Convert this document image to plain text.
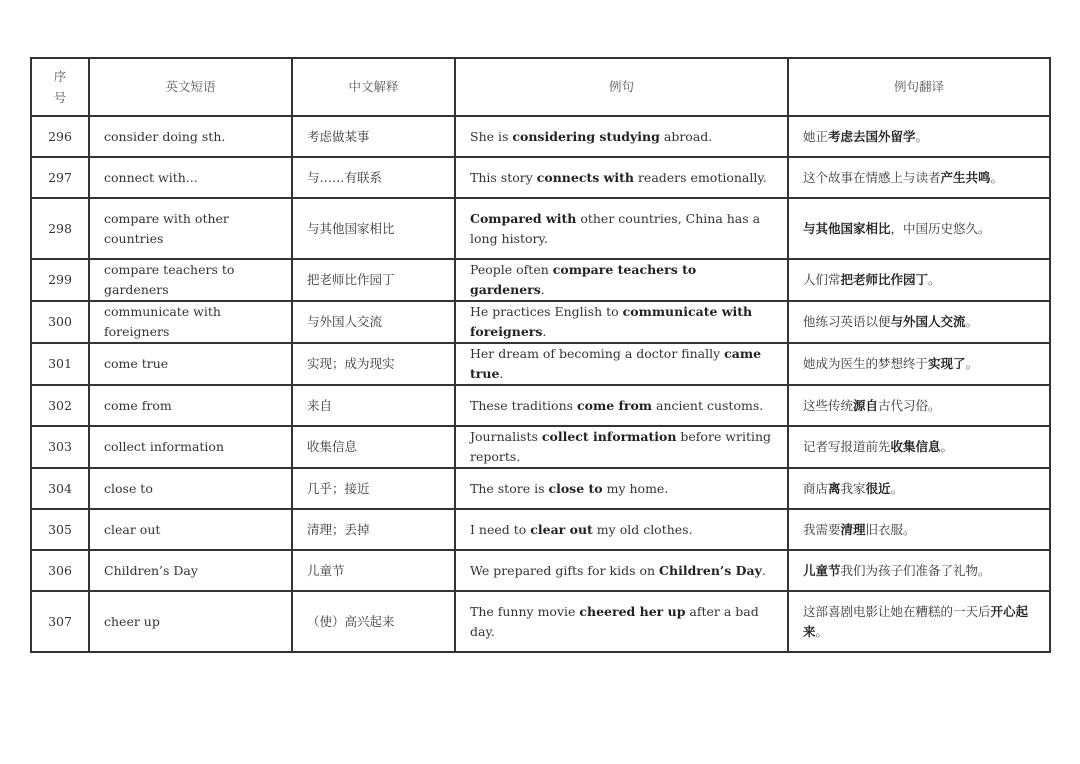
序号	英文短语	中文解释	例句	例句翻译
296	consider doing sth.	考虑做某事	She is considering studying abroad.	她正考虑去国外留学。
297	connect with...	与……有联系	This story connects with readers emotionally.	这个故事在情感上与读者产生共鸣。
298	compare with other countries	与其他国家相比	Compared with other countries, China has a long history.	与其他国家相比，中国历史悠久。
299	compare teachers to gardeners	把老师比作园丁	People often compare teachers to gardeners.	人们常把老师比作园丁。
300	communicate with foreigners	与外国人交流	He practices English to communicate with foreigners.	他练习英语以便与外国人交流。
301	come true	实现；成为现实	Her dream of becoming a doctor finally came true.	她成为医生的梦想终于实现了。
302	come from	来自	These traditions come from ancient customs.	这些传统源自古代习俗。
303	collect information	收集信息	Journalists collect information before writing reports.	记者写报道前先收集信息。
304	close to	几乎；接近	The store is close to my home.	商店离我家很近。
305	clear out	清理；丢掉	I need to clear out my old clothes.	我需要清理旧衣服。
306	Children’s Day	儿童节	We prepared gifts for kids on Children’s Day.	儿童节我们为孩子们准备了礼物。
307	cheer up	（使）高兴起来	The funny movie cheered her up after a bad day.	这部喜剧电影让她在糟糕的一天后开心起来。
